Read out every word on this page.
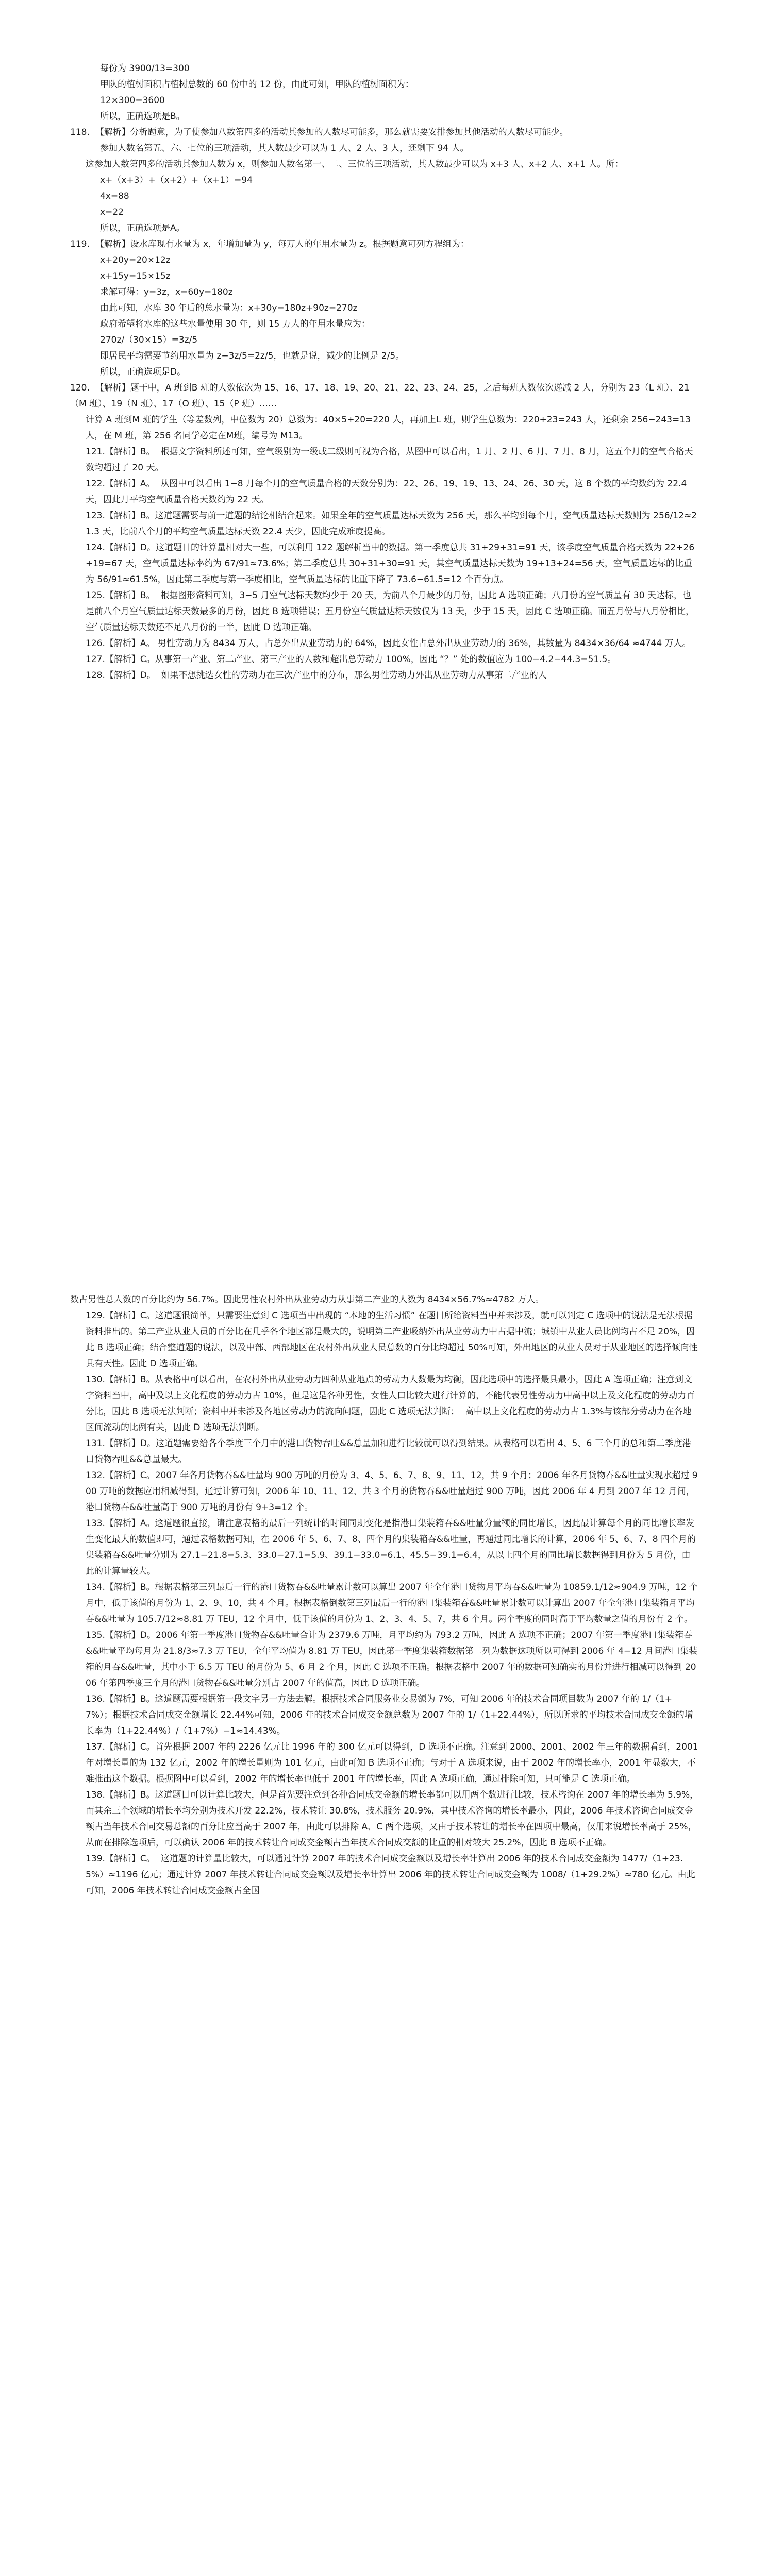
每份为 3900/13=300

甲队的植树面积占植树总数的 60 份中的 12 份，由此可知，甲队的植树面积为：

12×300=3600

所以，正确选项是B。

118.  【解析】分析题意，为了使参加八数第四多的活动其参加的人数尽可能多，那么就需要安排参加其他活动的人数尽可能少。

参加人数名第五、六、七位的三项活动，其人数最少可以为 1 人、2 人、3 人，还剩下 94 人。

这参加人数第四多的活动其参加人数为 x，则参加人数名第一、二、三位的三项活动，其人数最少可以为 x+3 人、x+2 人、x+1 人。所：

x+（x+3）+（x+2）+（x+1）=94

4x=88

x=22

所以，正确选项是A。

119.  【解析】设水库现有水量为 x，年增加量为 y，每万人的年用水量为 z。根据题意可列方程组为：

x+20y=20×12z

x+15y=15×15z

求解可得：y=3z，x=60y=180z

由此可知，水库 30 年后的总水量为：x+30y=180z+90z=270z

政府希望将水库的这些水量使用 30 年，则 15 万人的年用水量应为：

270z/（30×15）=3z/5

即居民平均需要节约用水量为 z−3z/5=2z/5，也就是说，减少的比例是 2/5。

所以，正确选项是D。

120.  【解析】题干中，A 班到B 班的人数依次为 15、16、17、18、19、20、21、22、23、24、25，之后每班人数依次递减 2 人，分别为 23（L 班）、21（M 班）、19（N 班）、17（O 班）、15（P 班）……

计算 A 班到M 班的学生（等差数列，中位数为 20）总数为：40×5+20=220 人，再加上L 班，则学生总数为：220+23=243 人，还剩余 256−243=13 人，在 M 班，第 256 名同学必定在M班，编号为 M13。

121.【解析】B。  根据文字资料所述可知，空气级别为一级或二级则可视为合格，从图中可以看出，1 月、2 月、6 月、7 月、8 月，这五个月的空气合格天数均超过了 20 天。

122.【解析】A。  从图中可以看出 1−8 月每个月的空气质量合格的天数分别为：22、26、19、19、13、24、26、30 天，这 8 个数的平均数约为 22.4 天，因此月平均空气质量合格天数约为 22 天。

123.【解析】B。这道题需要与前一道题的结论相结合起来。如果全年的空气质量达标天数为 256 天，那么平均到每个月，空气质量达标天数则为 256/12≈21.3 天，比前八个月的平均空气质量达标天数 22.4 天少，因此完成难度提高。

124.【解析】D。这道题目的计算量相对大一些，可以利用 122 题解析当中的数据。第一季度总共 31+29+31=91 天，该季度空气质量合格天数为 22+26+19=67 天，空气质量达标率约为 67/91≈73.6%；第二季度总共 30+31+30=91 天，其空气质量达标天数为 19+13+24=56 天，空气质量达标的比重为 56/91≈61.5%，因此第二季度与第一季度相比，空气质量达标的比重下降了 73.6−61.5=12 个百分点。

125.【解析】B。  根据图形资料可知，3−5 月空气达标天数均少于 20 天，为前八个月最少的月份，因此 A 选项正确；八月份的空气质量有 30 天达标，也是前八个月空气质量达标天数最多的月份，因此 B 选项错误；五月份空气质量达标天数仅为 13 天，少于 15 天，因此 C 选项正确。而五月份与八月份相比，空气质量达标天数还不足八月份的一半，因此 D 选项正确。

126.【解析】A。 男性劳动力为 8434 万人，占总外出从业劳动力的 64%，因此女性占总外出从业劳动力的 36%，其数量为 8434×36/64 ≈4744 万人。

127.【解析】C。从事第一产业、第二产业、第三产业的人数和超出总劳动力 100%，因此 “？” 处的数值应为 100−4.2−44.3=51.5。

128.【解析】D。  如果不想挑选女性的劳动力在三次产业中的分布，那么男性劳动力外出从业劳动力从事第二产业的人

数占男性总人数的百分比约为 56.7%。因此男性农村外出从业劳动力从事第二产业的人数为 8434×56.7%≈4782 万人。

129.【解析】C。这道题很简单，只需要注意到 C 选项当中出现的 “本地的生活习惯” 在题目所给资料当中并未涉及，就可以判定 C 选项中的说法是无法根据资料推出的。第二产业从业人员的百分比在几乎各个地区都是最大的，说明第二产业吸纳外出从业劳动力中占据中流；城镇中从业人员比例均占不足 20%，因此 B 选项正确；结合整道题的说法，以及中部、西部地区在农村外出从业人员总数的百分比均超过 50%可知，外出地区的从业人员对于从业地区的选择倾向性具有天性。因此 D 选项正确。

130.【解析】B。从表格中可以看出，在农村外出从业劳动力四种从业地点的劳动力人数最为均衡，因此选项中的选择最具最小，因此 A 选项正确；注意到文字资料当中，高中及以上文化程度的劳动力占 10%，但是这是各种男性，女性人口比较大进行计算的，不能代表男性劳动力中高中以上及文化程度的劳动力百分比，因此 B 选项无法判断；资料中并未涉及各地区劳动力的流向问题，因此 C 选项无法判断；  高中以上文化程度的劳动力占 1.3%与该部分劳动力在各地区间流动的比例有关，因此 D 选项无法判断。

131.【解析】D。这道题需要给各个季度三个月中的港口货物吞吐&&总量加和进行比较就可以得到结果。从表格可以看出 4、5、6 三个月的总和第二季度港口货物吞吐&&总量最大。

132.【解析】C。2007 年各月货物吞&&吐量均 900 万吨的月份为 3、4、5、6、7、8、9、11、12，共 9 个月；2006 年各月货物吞&&吐量实现水超过 900 万吨的数据应用相减得到，通过计算可知，2006 年 10、11、12、共 3 个月的货物吞&&吐量超过 900 万吨，因此 2006 年 4 月到 2007 年 12 月间，港口货物吞&&吐量高于 900 万吨的月份有 9+3=12 个。

133.【解析】A。这道题很直接，请注意表格的最后一列统计的时间同期变化是指港口集装箱吞&&吐量分量额的同比增长，因此最计算每个月的同比增长率发生变化最大的数值即可，通过表格数据可知，在 2006 年 5、6、7、8、四个月的集装箱吞&&吐量，再通过同比增长的计算，2006 年 5、6、7、8 四个月的集装箱吞&&吐量分别为 27.1−21.8=5.3、33.0−27.1=5.9、39.1−33.0=6.1、45.5−39.1=6.4，从以上四个月的同比增长数据得到月份为 5 月份，由此的计算量较大。

134.【解析】B。根据表格第三列最后一行的港口货物吞&&吐量累计数可以算出 2007 年全年港口货物月平均吞&&吐量为 10859.1/12≈904.9 万吨，12 个月中，低于该值的月份为 1、2、9、10，共 4 个月。根据表格倒数第三列最后一行的港口集装箱吞&&吐量累计数可以计算出 2007 年全年港口集装箱月平均吞&&吐量为 105.7/12≈8.81 万 TEU，12 个月中，低于该值的月份为 1、2、3、4、5、7，共 6 个月。两个季度的同时高于平均数量之值的月份有 2 个。

135.【解析】D。2006 年第一季度港口货物吞&&吐量合计为 2379.6 万吨，月平均约为 793.2 万吨，因此 A 选项不正确；2007 年第一季度港口集装箱吞&&吐量平均每月为 21.8/3≈7.3 万 TEU，全年平均值为 8.81 万 TEU，因此第一季度集装箱数据第二列为数据这项所以可得到 2006 年 4−12 月间港口集装箱的月吞&&吐量，其中小于 6.5 万 TEU 的月份为 5、6 月 2 个月，因此 C 选项不正确。根据表格中 2007 年的数据可知确实的月份并进行相减可以得到 2006 年第四季度三个月的港口货物吞&&吐量分别占 2007 年的值高，因此 D 选项正确。

136.【解析】B。这道题需要根据第一段文字另一方法去解。根据技术合同服务业交易额为 7%，可知 2006 年的技术合同项目数为 2007 年的 1/（1+7%）；根据技术合同成交金额增长 22.44%可知，2006 年的技术合同成交金额总数为 2007 年的 1/（1+22.44%），所以所求的平均技术合同成交金额的增长率为（1+22.44%）/（1+7%）−1≈14.43%。

137.【解析】C。首先根据 2007 年的 2226 亿元比 1996 年的 300 亿元可以得到，D 选项不正确。注意到 2000、2001、2002 年三年的数据看到，2001 年对增长量的为 132 亿元，2002 年的增长量则为 101 亿元，由此可知 B 选项不正确；与对于 A 选项来说，由于 2002 年的增长率小，2001 年显数大，不难推出这个数据。根据图中可以看到，2002 年的增长率也低于 2001 年的增长率，因此 A 选项正确，通过排除可知，只可能是 C 选项正确。

138.【解析】B。这道题目可以计算比较大，但是首先要注意到各种合同成交金额的增长率都可以用两个数进行比较，技术咨询在 2007 年的增长率为 5.9%，而其余三个领域的增长率均分别为技术开发 22.2%，技术转让 30.8%，技术服务 20.9%，其中技术咨询的增长率最小，因此，2006 年技术咨询合同成交金额占当年技术合同交易总额的百分比应当高于 2007 年，由此可以排除 A、C 两个选项，又由于技术转让的增长率在四项中最高，仅用来说增长率高于 25%，从而在排除选项后，可以确认 2006 年的技术转让合同成交金额占当年技术合同成交额的比重的相对较大 25.2%，因此 B 选项不正确。

139.【解析】C。  这道题的计算量比较大，可以通过计算 2007 年的技术合同成交金额以及增长率计算出 2006 年的技术合同成交金额为 1477/（1+23.5%）≈1196 亿元；通过计算 2007 年技术转让合同成交金额以及增长率计算出 2006 年的技术转让合同成交金额为 1008/（1+29.2%）≈780 亿元。由此可知，2006 年技术转让合同成交金额占全国
